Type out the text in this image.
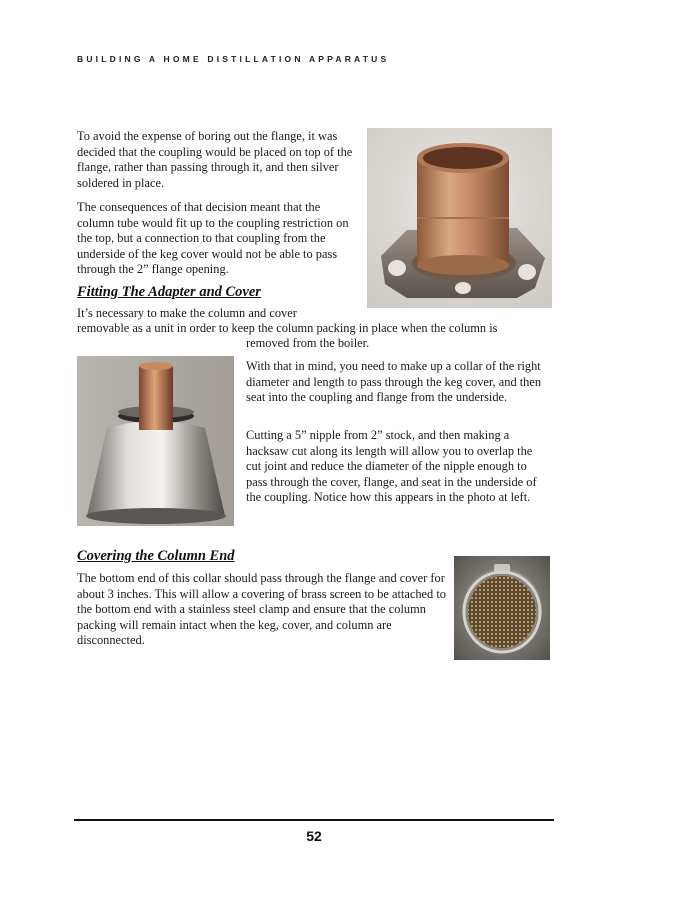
BUILDING A HOME DISTILLATION APPARATUS

To avoid the expense of boring out the flange, it was decided that the coupling would be placed on top of the flange, rather than passing through it, and then silver soldered in place.

The consequences of that decision meant that the column tube would fit up to the coupling restriction on the top, but a connection to that coupling from the underside of the keg cover would not be able to pass through the 2” flange opening.

Fitting The Adapter and Cover

It’s necessary to make the column and cover

removable as a unit in order to keep the column packing in place when the column is

removed from the boiler.

With that in mind, you need to make up a collar of the right diameter and length to pass through the keg cover, and then seat into the coupling and flange from the underside.

Cutting a 5” nipple from 2” stock, and then making a hacksaw cut along its length will allow you to overlap the cut joint and reduce the diameter of the nipple enough to pass through the cover, flange, and seat in the underside of the coupling. Notice how this appears in the photo at left.

Covering the Column End

The bottom end of this collar should pass through the flange and cover for about 3 inches. This will allow a covering of brass screen to be attached to the bottom end with a stainless steel clamp and ensure that the column packing will remain intact when the keg, cover, and column are disconnected.

52
